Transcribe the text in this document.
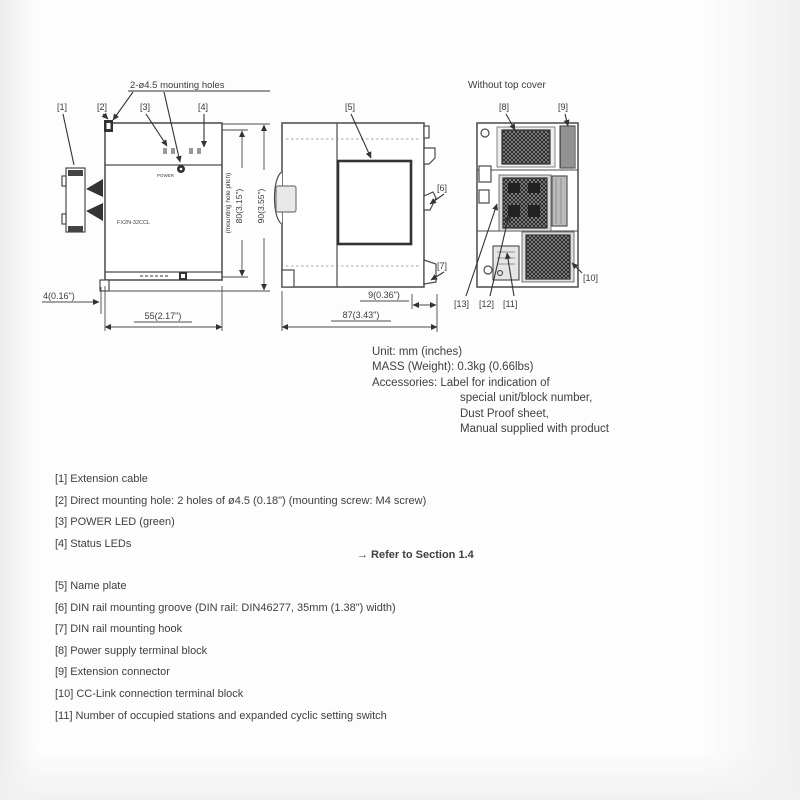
2-ø4.5 mounting holes	Without top cover
[1]	[2]	[3]	[4]	[5]
[6]
[7]
[8]	[9]
[10]
[13] [12] [11]
FX2N-32CCL
POWER
4(0.16")
55(2.17")
(mounting hole pitch) 80(3.15") 90(3.55")
9(0.36")
87(3.43")
Unit: mm (inches)
MASS (Weight): 0.3kg (0.66lbs)
Accessories: Label for indication of
special unit/block number,
Dust Proof sheet,
Manual supplied with product
[1] Extension cable
[2] Direct mounting hole: 2 holes of ø4.5 (0.18") (mounting screw: M4 screw)
[3] POWER LED (green)
[4] Status LEDs
→ Refer to Section 1.4
[5] Name plate
[6] DIN rail mounting groove (DIN rail: DIN46277, 35mm (1.38") width)
[7] DIN rail mounting hook
[8] Power supply terminal block
[9] Extension connector
[10] CC-Link connection terminal block
[11] Number of occupied stations and expanded cyclic setting switch
